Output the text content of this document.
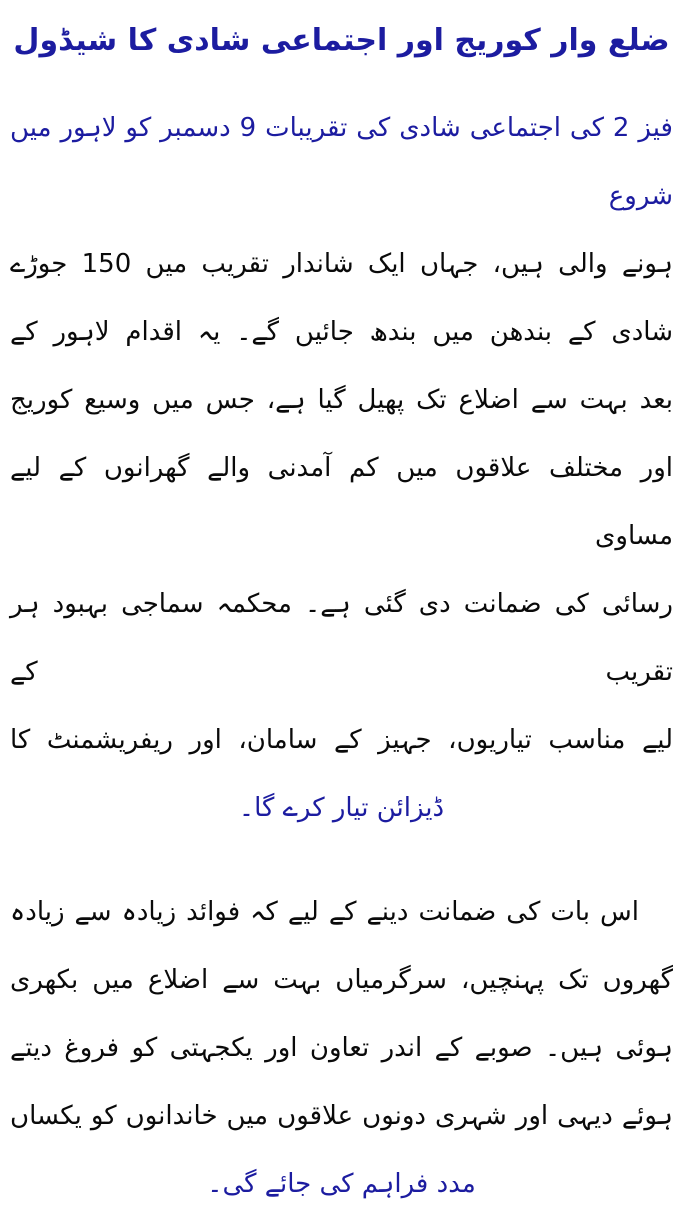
ضلع وار کوریج اور اجتماعی شادی کا شیڈول
فیز 2 کی اجتماعی شادی کی تقریبات 9 دسمبر کو لاہور میں شروع
ہونے والی ہیں، جہاں ایک شاندار تقریب میں 150 جوڑے
شادی کے بندھن میں بندھ جائیں گے۔ یہ اقدام لاہور کے
بعد بہت سے اضلاع تک پھیل گیا ہے، جس میں وسیع کوریج
اور مختلف علاقوں میں کم آمدنی والے گھرانوں کے لیے مساوی
رسائی کی ضمانت دی گئی ہے۔ محکمہ سماجی بہبود ہر تقریب کے
لیے مناسب تیاریوں، جہیز کے سامان، اور ریفریشمنٹ کا
ڈیزائن تیار کرے گا۔
اس بات کی ضمانت دینے کے لیے کہ فوائد زیادہ سے زیادہ
گھروں تک پہنچیں، سرگرمیاں بہت سے اضلاع میں بکھری
ہوئی ہیں۔ صوبے کے اندر تعاون اور یکجہتی کو فروغ دیتے
ہوئے دیہی اور شہری دونوں علاقوں میں خاندانوں کو یکساں
مدد فراہم کی جائے گی۔
